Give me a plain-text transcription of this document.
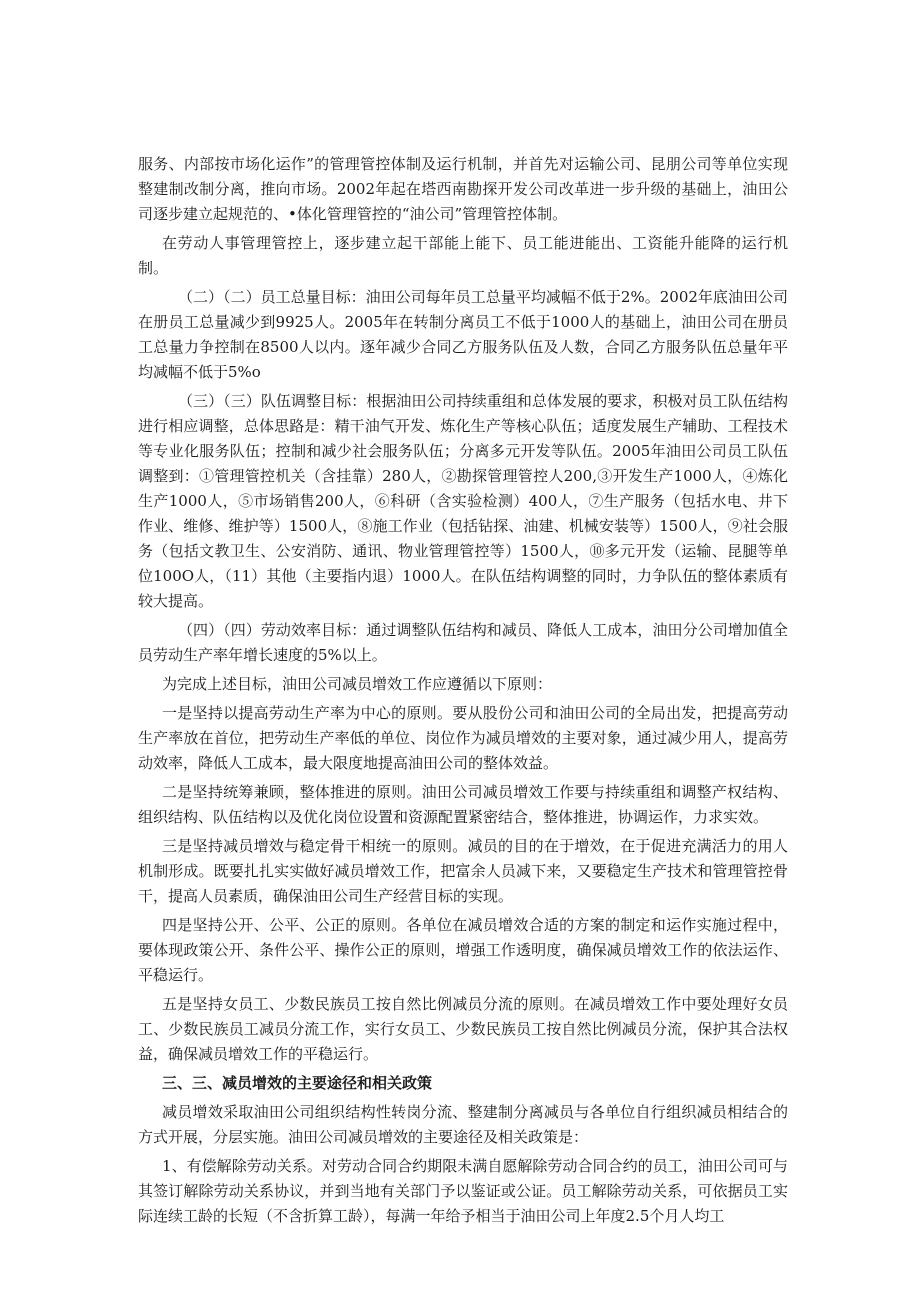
服务、内部按市场化运作”的管理管控体制及运行机制，并首先对运输公司、昆朋公司等单位实现整建制改制分离，推向市场。2002年起在塔西南勘探开发公司改革进一步升级的基础上，油田公司逐步建立起规范的、•体化管理管控的“油公司”管理管控体制。

在劳动人事管理管控上，逐步建立起干部能上能下、员工能进能出、工资能升能降的运行机制。

（二）（二）员工总量目标：油田公司每年员工总量平均减幅不低于2%。2002年底油田公司在册员工总量减少到9925人。2005年在转制分离员工不低于1000人的基础上，油田公司在册员工总量力争控制在8500人以内。逐年减少合同乙方服务队伍及人数，合同乙方服务队伍总量年平均减幅不低于5%o

（三）（三）队伍调整目标：根据油田公司持续重组和总体发展的要求，积极对员工队伍结构进行相应调整，总体思路是：精干油气开发、炼化生产等核心队伍；适度发展生产辅助、工程技术等专业化服务队伍；控制和减少社会服务队伍；分离多元开发等队伍。2005年油田公司员工队伍调整到：①管理管控机关（含挂靠）280人，②勘探管理管控人200,③开发生产1000人，④炼化生产1000人，⑤市场销售200人，⑥科研（含实验检测）400人，⑦生产服务（包括水电、井下作业、维修、维护等）1500人，⑧施工作业（包括钻探、油建、机械安装等）1500人，⑨社会服务（包括文教卫生、公安消防、通讯、物业管理管控等）1500人，⑩多元开发（运输、昆腿等单位100O人，（11）其他（主要指内退）1000人。在队伍结构调整的同时，力争队伍的整体素质有较大提高。

（四）（四）劳动效率目标：通过调整队伍结构和减员、降低人工成本，油田分公司增加值全员劳动生产率年增长速度的5%以上。

为完成上述目标，油田公司减员增效工作应遵循以下原则：

一是坚持以提高劳动生产率为中心的原则。要从股份公司和油田公司的全局出发，把提高劳动生产率放在首位，把劳动生产率低的单位、岗位作为减员增效的主要对象，通过减少用人，提高劳动效率，降低人工成本，最大限度地提高油田公司的整体效益。

二是坚持统筹兼顾，整体推进的原则。油田公司减员增效工作要与持续重组和调整产权结构、组织结构、队伍结构以及优化岗位设置和资源配置紧密结合，整体推进，协调运作，力求实效。

三是坚持减员增效与稳定骨干相统一的原则。减员的目的在于增效，在于促进充满活力的用人机制形成。既要扎扎实实做好减员增效工作，把富余人员减下来，又要稳定生产技术和管理管控骨干，提高人员素质，确保油田公司生产经营目标的实现。

四是坚持公开、公平、公正的原则。各单位在减员增效合适的方案的制定和运作实施过程中，要体现政策公开、条件公平、操作公正的原则，增强工作透明度，确保减员增效工作的依法运作、平稳运行。

五是坚持女员工、少数民族员工按自然比例减员分流的原则。在减员增效工作中要处理好女员工、少数民族员工减员分流工作，实行女员工、少数民族员工按自然比例减员分流，保护其合法权益，确保减员增效工作的平稳运行。

三、三、减员增效的主要途径和相关政策

减员增效采取油田公司组织结构性转岗分流、整建制分离减员与各单位自行组织减员相结合的方式开展，分层实施。油田公司减员增效的主要途径及相关政策是：

1、有偿解除劳动关系。对劳动合同合约期限未满自愿解除劳动合同合约的员工，油田公司可与其签订解除劳动关系协议，并到当地有关部门予以鉴证或公证。员工解除劳动关系，可依据员工实际连续工龄的长短（不含折算工龄），每满一年给予相当于油田公司上年度2.5个月人均工
